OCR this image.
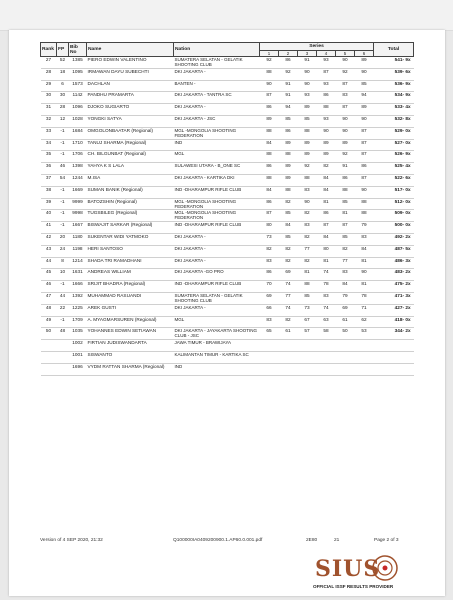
Rank	FP	Bib No	Name	Nation	Series						Total
					1	2	3	4	5	6	
27	52	1385	PIERO EDWIN VALENTINO	SUMATERA SELATAN - GELATIK SHOOTING CLUB	92	86	91	93	90	89	541- 9x
28	18	1095	IRMAWAN DAYU SUBECHTI	DKI JAKARTA -	88	92	90	87	92	90	539- 6x
29	6	1573	DACHLAN	BANTEN -	90	91	90	93	87	85	536- 9x
30	30	1142	PANDHU PRAMARTA	DKI JAKARTA - TANTRA SC	87	91	93	86	83	94	534- 9x
31	28	1096	DJOKO SUGIARTO	DKI JAKARTA -	86	94	89	88	87	89	533- 4x
32	12	1028	YONGKI SATYA	DKI JAKARTA - JSC	89	85	85	93	90	90	532- 8x
33	-1	1684	OMGOLONBAATAR (Regional)	MGL -MONGOLIA SHOOTING FEDERATION	88	86	88	90	90	87	529- 0x
34	-1	1710	TANUJ SHARMA (Regional)	IND	84	89	89	89	89	87	527- 0x
35	-1	1706	CH. BILGUNBAT (Regional)	MGL	88	88	89	89	92	87	526- 9x
36	46	1398	YAHYA K S LALA	SULAWESI UTARA - B_ONE SC	86	89	92	82	91	86	525- 4x
37	54	1244	M.ISA	DKI JAKARTA - KARTIKA DKI	88	89	88	84	86	87	522- 6x
38	-1	1669	SUMAN BANIK (Regional)	IND -DHARAMPUR RIFLE CLUB	84	88	83	84	88	90	517- 0x
39	-1	9999	BATOZSHIN (Regional)	MGL -MONGOLIA SHOOTING FEDERATION	86	82	90	81	85	88	512- 0x
40	-1	9998	TUGSBILEG (Regional)	MGL -MONGOLIA SHOOTING FEDERATION	87	85	82	86	81	88	509- 0x
41	-1	1667	BISWAJIT SARKAR (Regional)	IND -DHARAMPUR RIFLE CLUB	80	84	83	87	87	79	500- 0x
42	20	1180	SUKENTAR WIDI YATMOKO	DKI JAKARTA -	73	85	82	84	85	83	492- 2x
43	24	1198	HERI SANTOSO	DKI JAKARTA -	82	82	77	80	82	84	487- 5x
44	8	1214	SHADA TRI RAMADHANI	DKI JAKARTA -	83	82	82	81	77	81	486- 3x
45	10	1631	ANDREAS WILLIAM	DKI JAKARTA -GO PRO	86	69	81	74	83	90	483- 2x
46	-1	1666	SRIJIT BHADRA (Regional)	IND -DHARAMPUR RIFLE CLUB	70	74	88	78	84	81	475- 2x
47	44	1392	MUHAMMAD RASUANDI	SUMATERA SELATAN - GELATIK SHOOTING CLUB	69	77	85	83	79	78	471- 3x
48	22	1225	AREK GUSTI	DKI JAKARTA -	66	74	73	74	69	71	427- 2x
49	-1	1709	A. MYAGMARSUREN (Regional)	MGL	83	82	67	63	61	62	418- 0x
50	48	1035	YOHANNES EDWIN SETIAWAN	DKI JAKARTA - JAYAKARTA SHOOTING CLUB - JSC	65	61	57	58	50	53	344- 2x
		1002	FIRTIAN JUDISWANDARTA	JAWA TIMUR - BRAWIJAYA							
		1001	SISWANTO	KALIMANTAN TIMUR - KARTIKA SC							
		1696	VYDM RATTAN SHARMA (Regional)	IND							
Version of 4 SEP 2020, 21:32	Q100000IA0409200900.1.AP60.0.001.pdf	2E80	21	Page 2 of 3
SIUS
OFFICIAL ISSF RESULTS PROVIDER
